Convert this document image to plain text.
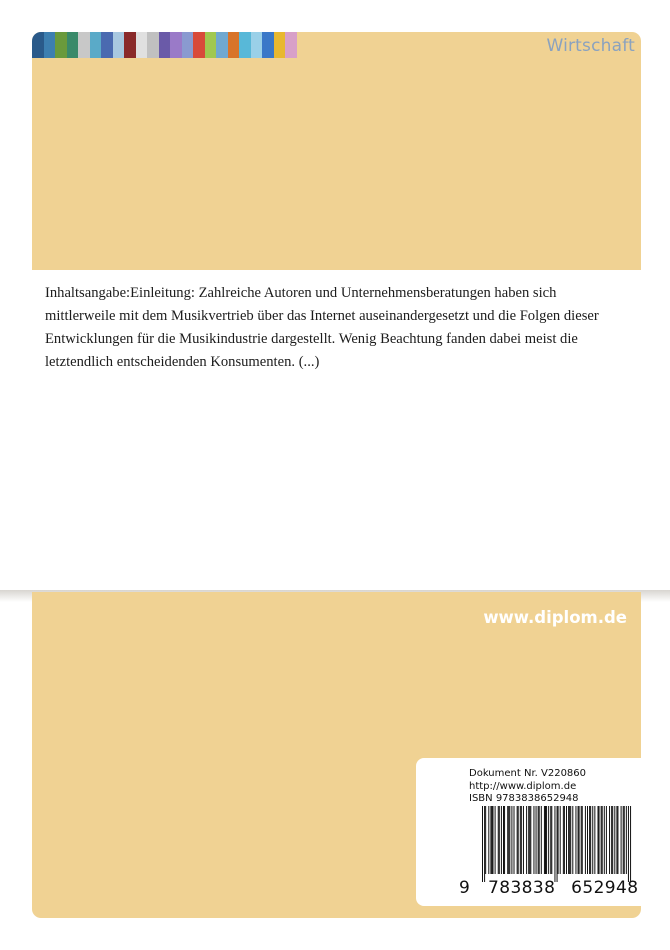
Wirtschaft

Inhaltsangabe:Einleitung: Zahlreiche Autoren und Unternehmensberatungen haben sich mittlerweile mit dem Musikvertrieb über das Internet auseinandergesetzt und die Folgen dieser Entwicklungen für die Musikindustrie dargestellt. Wenig Beachtung fanden dabei meist die letztendlich entscheidenden Konsumenten. (...)

www.diplom.de
Dokument Nr. V220860
http://www.diplom.de
ISBN 9783838652948
9 783838 652948
